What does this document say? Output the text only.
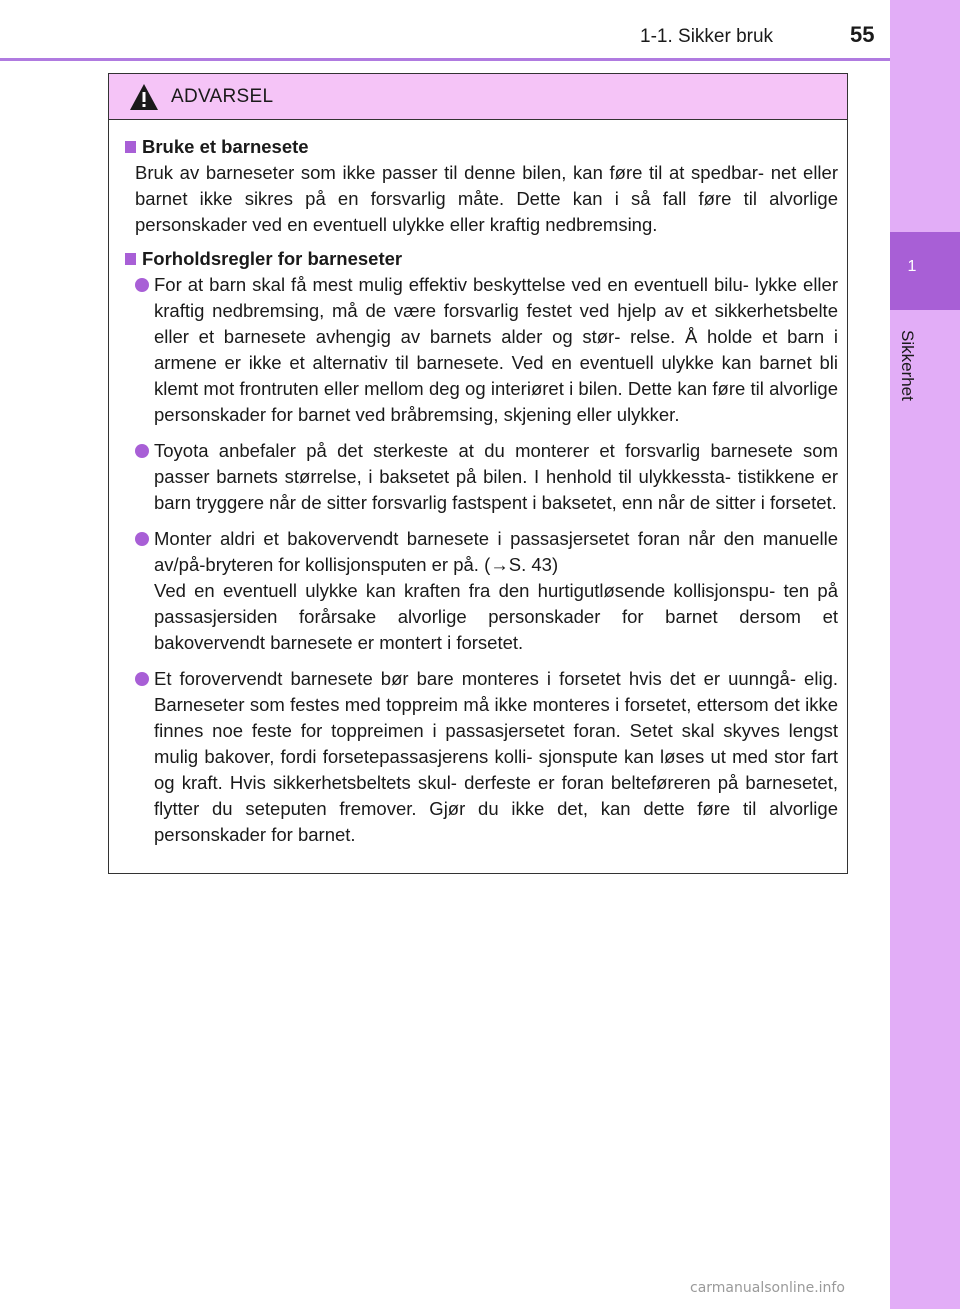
1-1. Sikker bruk	55
1
Sikkerhet
ADVARSEL
Bruke et barnesete
Bruk av barneseter som ikke passer til denne bilen, kan føre til at spedbar- net eller barnet ikke sikres på en forsvarlig måte. Dette kan i så fall føre til alvorlige personskader ved en eventuell ulykke eller kraftig nedbremsing.
Forholdsregler for barneseter
For at barn skal få mest mulig effektiv beskyttelse ved en eventuell bilu- lykke eller kraftig nedbremsing, må de være forsvarlig festet ved hjelp av et sikkerhetsbelte eller et barnesete avhengig av barnets alder og stør- relse. Å holde et barn i armene er ikke et alternativ til barnesete. Ved en eventuell ulykke kan barnet bli klemt mot frontruten eller mellom deg og interiøret i bilen. Dette kan føre til alvorlige personskader for barnet ved bråbremsing, skjening eller ulykker.
Toyota anbefaler på det sterkeste at du monterer et forsvarlig barnesete som passer barnets størrelse, i baksetet på bilen. I henhold til ulykkessta- tistikkene er barn tryggere når de sitter forsvarlig fastspent i baksetet, enn når de sitter i forsetet.
Monter aldri et bakovervendt barnesete i passasjersetet foran når den manuelle av/på-bryteren for kollisjonsputen er på. (→S. 43)
Ved en eventuell ulykke kan kraften fra den hurtigutløsende kollisjonspu- ten på passasjersiden forårsake alvorlige personskader for barnet dersom et bakovervendt barnesete er montert i forsetet.
Et forovervendt barnesete bør bare monteres i forsetet hvis det er uunngå- elig. Barneseter som festes med toppreim må ikke monteres i forsetet, ettersom det ikke finnes noe feste for toppreimen i passasjersetet foran. Setet skal skyves lengst mulig bakover, fordi forsetepassasjerens kolli- sjonspute kan løses ut med stor fart og kraft. Hvis sikkerhetsbeltets skul- derfeste er foran belteføreren på barnesetet, flytter du seteputen fremover. Gjør du ikke det, kan dette føre til alvorlige personskader for barnet.
carmanualsonline.info
